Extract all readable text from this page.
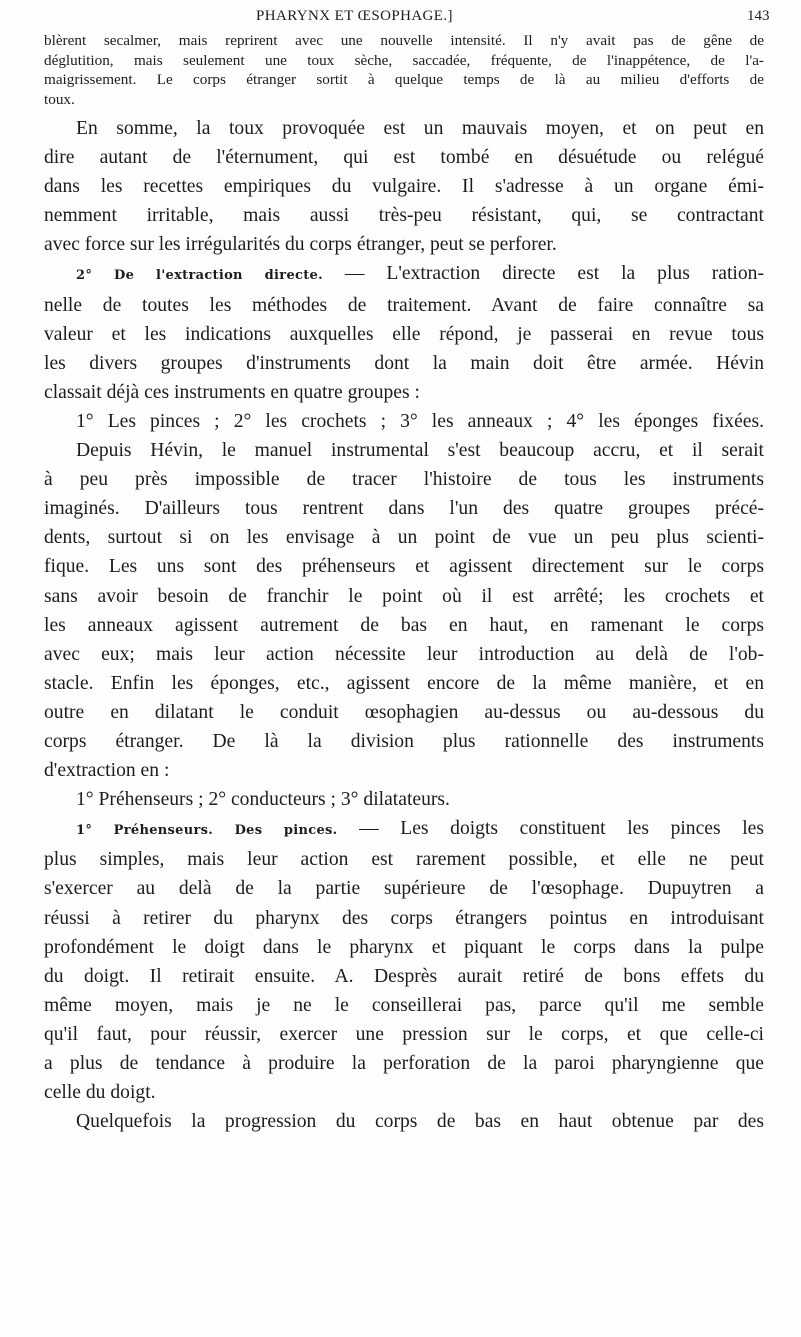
PHARYNX ET ŒSOPHAGE.]	143
blèrent secalmer, mais reprirent avec une nouvelle intensité. Il n'y avait pas de gêne de
déglutition, mais seulement une toux sèche, saccadée, fréquente, de l'inappétence, de l'a-
maigrissement. Le corps étranger sortit à quelque temps de là au milieu d'efforts de
toux.
En somme, la toux provoquée est un mauvais moyen, et on peut en
dire autant de l'éternument, qui est tombé en désuétude ou relégué
dans les recettes empiriques du vulgaire. Il s'adresse à un organe émi-
nemment irritable, mais aussi très-peu résistant, qui, se contractant
avec force sur les irrégularités du corps étranger, peut se perforer.
2° De l'extraction directe. — L'extraction directe est la plus ration-
nelle de toutes les méthodes de traitement. Avant de faire connaître sa
valeur et les indications auxquelles elle répond, je passerai en revue tous
les divers groupes d'instruments dont la main doit être armée. Hévin
classait déjà ces instruments en quatre groupes :
1° Les pinces ; 2° les crochets ; 3° les anneaux ; 4° les éponges fixées.
Depuis Hévin, le manuel instrumental s'est beaucoup accru, et il serait
à peu près impossible de tracer l'histoire de tous les instruments
imaginés. D'ailleurs tous rentrent dans l'un des quatre groupes précé-
dents, surtout si on les envisage à un point de vue un peu plus scienti-
fique. Les uns sont des préhenseurs et agissent directement sur le corps
sans avoir besoin de franchir le point où il est arrêté; les crochets et
les anneaux agissent autrement de bas en haut, en ramenant le corps
avec eux; mais leur action nécessite leur introduction au delà de l'ob-
stacle. Enfin les éponges, etc., agissent encore de la même manière, et en
outre en dilatant le conduit œsophagien au-dessus ou au-dessous du
corps étranger. De là la division plus rationnelle des instruments
d'extraction en :
1° Préhenseurs ; 2° conducteurs ; 3° dilatateurs.
1° Préhenseurs. Des pinces. — Les doigts constituent les pinces les
plus simples, mais leur action est rarement possible, et elle ne peut
s'exercer au delà de la partie supérieure de l'œsophage. Dupuytren a
réussi à retirer du pharynx des corps étrangers pointus en introduisant
profondément le doigt dans le pharynx et piquant le corps dans la pulpe
du doigt. Il retirait ensuite. A. Desprès aurait retiré de bons effets du
même moyen, mais je ne le conseillerai pas, parce qu'il me semble
qu'il faut, pour réussir, exercer une pression sur le corps, et que celle-ci
a plus de tendance à produire la perforation de la paroi pharyngienne que
celle du doigt.
Quelquefois la progression du corps de bas en haut obtenue par des
